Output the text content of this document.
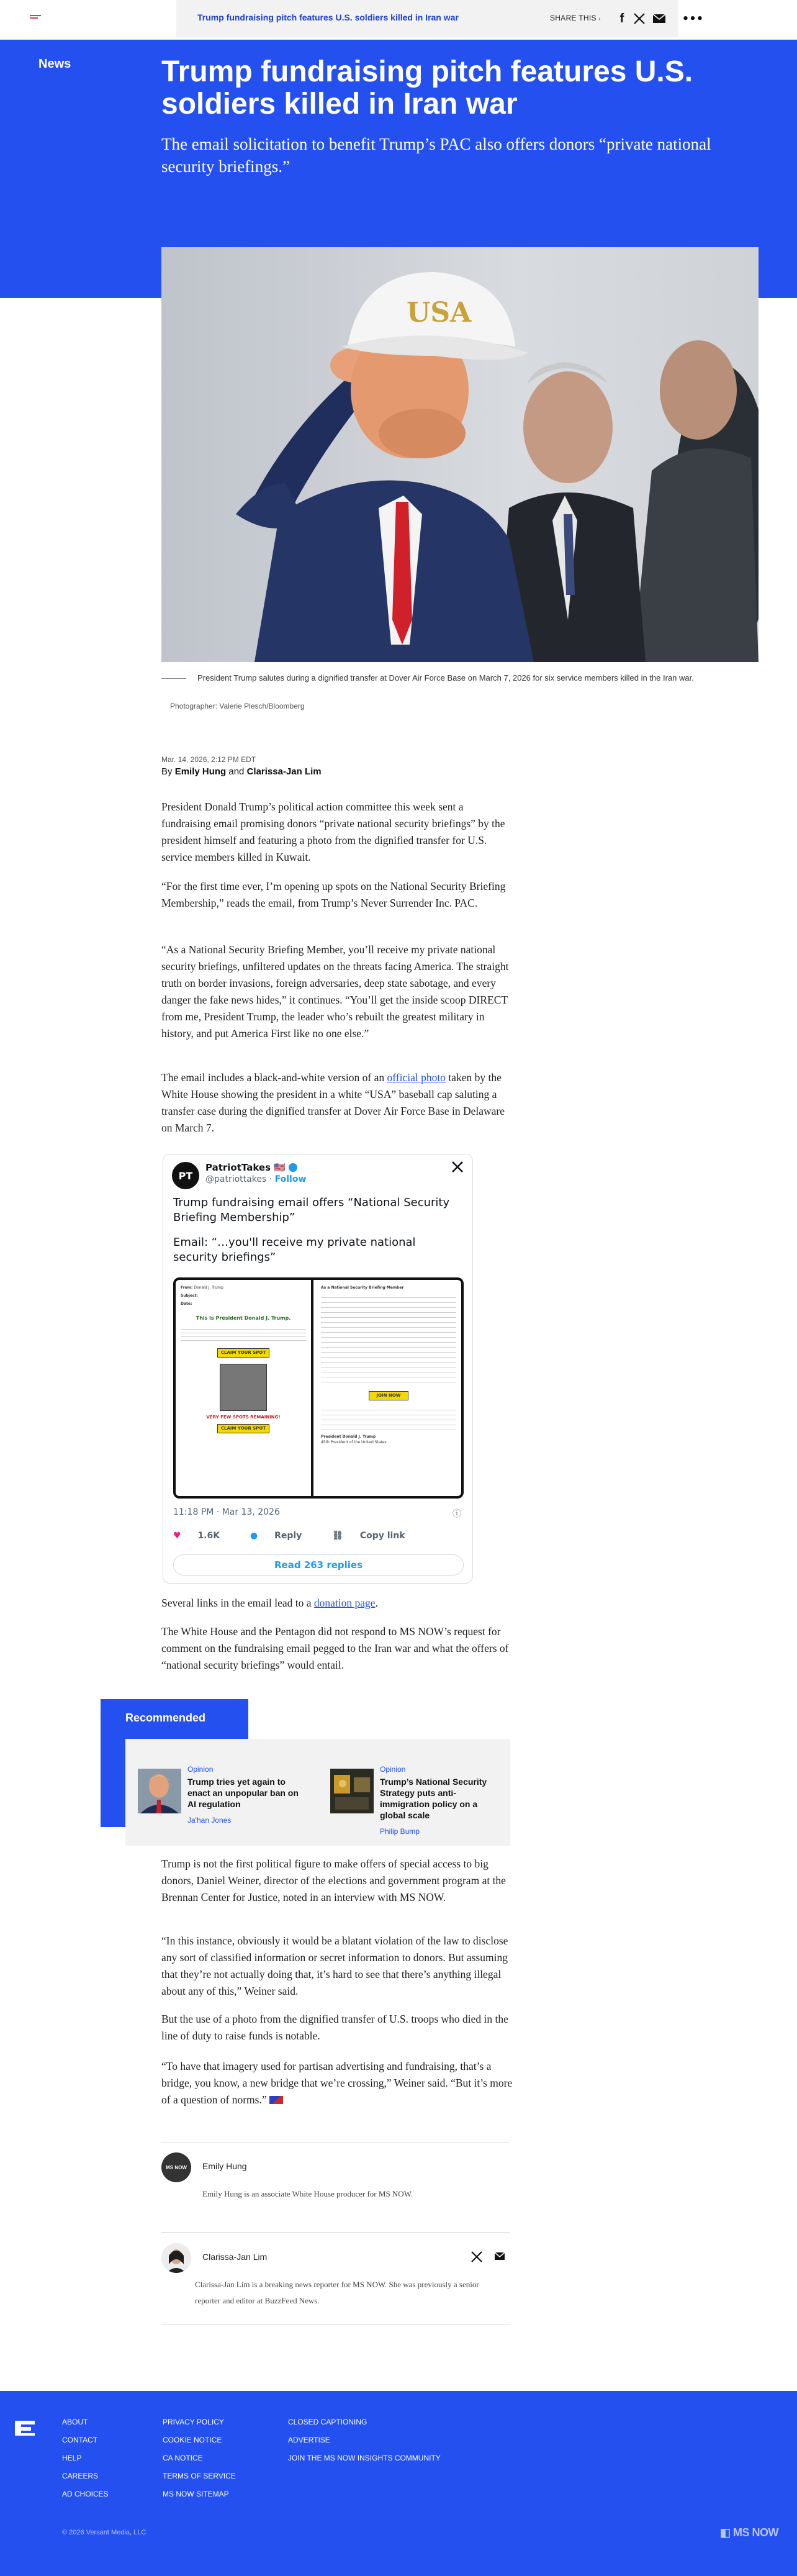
Trump fundraising pitch features U.S. soldiers killed in Iran war	SHARE THIS ›	f	•••
News	Trump fundraising pitch features U.S. soldiers killed in Iran war

The email solicitation to benefit Trump’s PAC also offers donors “private national security briefings.”

USA
President Trump salutes during a dignified transfer at Dover Air Force Base on March 7, 2026 for six service members killed in the Iran war.
Photographer: Valerie Plesch/Bloomberg
Mar. 14, 2026, 2:12 PM EDT
By Emily Hung and Clarissa-Jan Lim

President Donald Trump’s political action committee this week sent a fundraising email promising donors “private national security briefings” by the president himself and featuring a photo from the dignified transfer for U.S. service members killed in Kuwait.

“For the first time ever, I’m opening up spots on the National Security Briefing Membership,” reads the email, from Trump’s Never Surrender Inc. PAC.

“As a National Security Briefing Member, you’ll receive my private national security briefings, unfiltered updates on the threats facing America. The straight truth on border invasions, foreign adversaries, deep state sabotage, and every danger the fake news hides,” it continues. “You’ll get the inside scoop DIRECT from me, President Trump, the leader who’s rebuilt the greatest military in history, and put America First like no one else.”

The email includes a black-and-white version of an official photo taken by the White House showing the president in a white “USA” baseball cap saluting a transfer case during the dignified transfer at Dover Air Force Base in Delaware on March 7.

PT
PatriotTakes 🇺🇸
@patriottakes · Follow
Trump fundraising email offers “National Security Briefing Membership”
Email: “…you'll receive my private national security briefings”
From: Donald J. Trump
Subject:
Date:
This is President Donald J. Trump.
CLAIM YOUR SPOT
VERY FEW SPOTS REMAINING!
CLAIM YOUR SPOT
As a National Security Briefing Member
JOIN NOW
President Donald J. Trump
45th President of the United States
11:18 PM · Mar 13, 2026	ⓘ
♥ 1.6K	● Reply	⛓ Copy link
Read 263 replies

Several links in the email lead to a donation page.

The White House and the Pentagon did not respond to MS NOW’s request for comment on the fundraising email pegged to the Iran war and what the offers of “national security briefings” would entail.

Recommended
Opinion
Trump tries yet again to enact an unpopular ban on AI regulation
Ja'han Jones
Opinion
Trump’s National Security Strategy puts anti-immigration policy on a global scale
Philip Bump

Trump is not the first political figure to make offers of special access to big donors, Daniel Weiner, director of the elections and government program at the Brennan Center for Justice, noted in an interview with MS NOW.

“In this instance, obviously it would be a blatant violation of the law to disclose any sort of classified information or secret information to donors. But assuming that they’re not actually doing that, it’s hard to see that there’s anything illegal about any of this,” Weiner said.

But the use of a photo from the dignified transfer of U.S. troops who died in the line of duty to raise funds is notable.

“To have that imagery used for partisan advertising and fundraising, that’s a bridge, you know, a new bridge that we’re crossing,” Weiner said. “But it’s more of a question of norms.”

MS NOW Emily Hung
Emily Hung is an associate White House producer for MS NOW.
Clarissa-Jan Lim
Clarissa-Jan Lim is a breaking news reporter for MS NOW. She was previously a senior reporter and editor at BuzzFeed News.
ABOUT
CONTACT
HELP
CAREERS
AD CHOICES
PRIVACY POLICY
COOKIE NOTICE
CA NOTICE
TERMS OF SERVICE
MS NOW SITEMAP
CLOSED CAPTIONING
ADVERTISE
JOIN THE MS NOW INSIGHTS COMMUNITY
© 2026 Versant Media, LLC	◧ MS NOW
